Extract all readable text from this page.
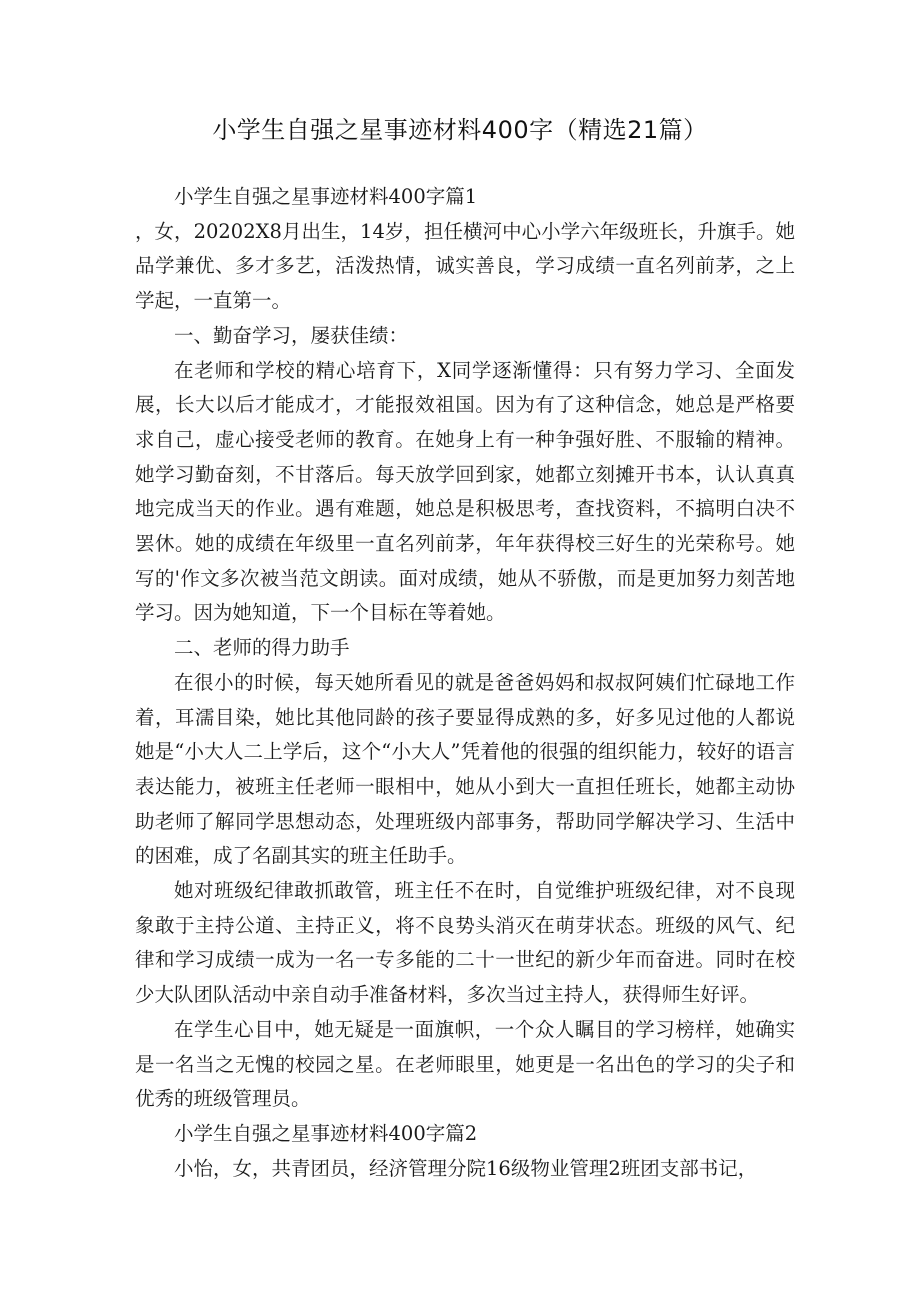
小学生自强之星事迹材料400字（精选21篇）

小学生自强之星事迹材料400字篇1

，女，20202X8月出生，14岁，担任横河中心小学六年级班长，升旗手。她品学兼优、多才多艺，活泼热情，诚实善良，学习成绩一直名列前茅，之上学起，一直第一。

一、勤奋学习，屡获佳绩：

在老师和学校的精心培育下，X同学逐渐懂得：只有努力学习、全面发展，长大以后才能成才，才能报效祖国。因为有了这种信念，她总是严格要求自己，虚心接受老师的教育。在她身上有一种争强好胜、不服输的精神。她学习勤奋刻，不甘落后。每天放学回到家，她都立刻摊开书本，认认真真地完成当天的作业。遇有难题，她总是积极思考，查找资料，不搞明白决不罢休。她的成绩在年级里一直名列前茅，年年获得校三好生的光荣称号。她写的'作文多次被当范文朗读。面对成绩，她从不骄傲，而是更加努力刻苦地学习。因为她知道，下一个目标在等着她。

二、老师的得力助手

在很小的时候，每天她所看见的就是爸爸妈妈和叔叔阿姨们忙碌地工作着，耳濡目染，她比其他同龄的孩子要显得成熟的多，好多见过他的人都说她是“小大人二上学后，这个“小大人”凭着他的很强的组织能力，较好的语言表达能力，被班主任老师一眼相中，她从小到大一直担任班长，她都主动协助老师了解同学思想动态，处理班级内部事务，帮助同学解决学习、生活中的困难，成了名副其实的班主任助手。

她对班级纪律敢抓敢管，班主任不在时，自觉维护班级纪律，对不良现象敢于主持公道、主持正义，将不良势头消灭在萌芽状态。班级的风气、纪律和学习成绩一成为一名一专多能的二十一世纪的新少年而奋进。同时在校少大队团队活动中亲自动手准备材料，多次当过主持人，获得师生好评。

在学生心目中，她无疑是一面旗帜，一个众人瞩目的学习榜样，她确实是一名当之无愧的校园之星。在老师眼里，她更是一名出色的学习的尖子和优秀的班级管理员。

小学生自强之星事迹材料400字篇2

小怡，女，共青团员，经济管理分院16级物业管理2班团支部书记，
